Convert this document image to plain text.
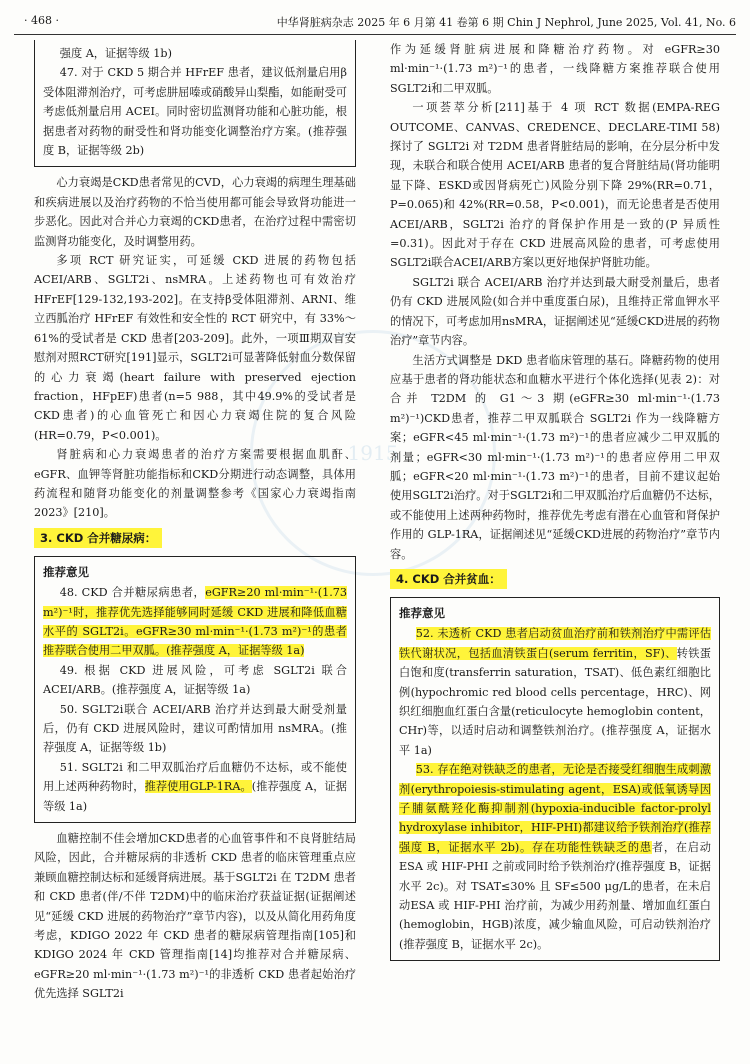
· 468 ·	中华肾脏病杂志 2025 年 6 月第 41 卷第 6 期 Chin J Nephrol, June 2025, Vol. 41, No. 6
1915

强度 A，证据等级 1b)

47. 对于 CKD 5 期合并 HFrEF 患者，建议低剂量启用β受体阻滞剂治疗，可考虑肼屈嗪或硝酸异山梨酯，如能耐受可考虑低剂量启用 ACEI。同时密切监测肾功能和心脏功能，根据患者对药物的耐受性和肾功能变化调整治疗方案。(推荐强度 B，证据等级 2b)

心力衰竭是CKD患者常见的CVD，心力衰竭的病理生理基础和疾病进展以及治疗药物的不恰当使用都可能会导致肾功能进一步恶化。因此对合并心力衰竭的CKD患者，在治疗过程中需密切监测肾功能变化，及时调整用药。

多项 RCT 研究证实，可延缓 CKD 进展的药物包括ACEI/ARB、SGLT2i、nsMRA。上述药物也可有效治疗HFrEF[129-132,193-202]。在支持β受体阻滞剂、ARNI、维立西胍治疗 HFrEF 有效性和安全性的 RCT 研究中，有 33%～61%的受试者是 CKD 患者[203-209]。此外，一项Ⅲ期双盲安慰剂对照RCT研究[191]显示，SGLT2i可显著降低射血分数保留的心力衰竭(heart failure with preserved ejection fraction，HFpEF)患者(n=5 988，其中49.9%的受试者是CKD患者)的心血管死亡和因心力衰竭住院的复合风险(HR=0.79，P<0.001)。

肾脏病和心力衰竭患者的治疗方案需要根据血肌酐、eGFR、血钾等肾脏功能指标和CKD分期进行动态调整，具体用药流程和随肾功能变化的剂量调整参考《国家心力衰竭指南2023》[210]。

3. CKD 合并糖尿病：
推荐意见

48. CKD 合并糖尿病患者，eGFR≥20 ml·min⁻¹·(1.73 m²)⁻¹时，推荐优先选择能够同时延缓 CKD 进展和降低血糖水平的 SGLT2i。eGFR≥30 ml·min⁻¹·(1.73 m²)⁻¹的患者推荐联合使用二甲双胍。(推荐强度 A，证据等级 1a)

49. 根据 CKD 进展风险，可考虑 SGLT2i 联合 ACEI/ARB。(推荐强度 A，证据等级 1a)

50. SGLT2i联合 ACEI/ARB 治疗并达到最大耐受剂量后，仍有 CKD 进展风险时，建议可酌情加用 nsMRA。(推荐强度 A，证据等级 1b)

51. SGLT2i 和二甲双胍治疗后血糖仍不达标，或不能使用上述两种药物时，推荐使用GLP-1RA。(推荐强度 A，证据等级 1a)

血糖控制不佳会增加CKD患者的心血管事件和不良肾脏结局风险，因此，合并糖尿病的非透析 CKD 患者的临床管理重点应兼顾血糖控制达标和延缓肾病进展。基于SGLT2i 在 T2DM 患者和 CKD 患者(伴/不伴 T2DM)中的临床治疗获益证据(证据阐述见“延缓 CKD 进展的药物治疗”章节内容)，以及从简化用药角度考虑，KDIGO 2022 年 CKD 患者的糖尿病管理指南[105]和 KDIGO 2024 年 CKD 管理指南[14]均推荐对合并糖尿病、eGFR≥20 ml·min⁻¹·(1.73 m²)⁻¹的非透析 CKD 患者起始治疗优先选择 SGLT2i

作为延缓肾脏病进展和降糖治疗药物。对 eGFR≥30 ml·min⁻¹·(1.73 m²)⁻¹的患者，一线降糖方案推荐联合使用SGLT2i和二甲双胍。

一项荟萃分析[211]基于 4 项 RCT 数据(EMPA-REG OUTCOME、CANVAS、CREDENCE、DECLARE-TIMI 58)探讨了 SGLT2i 对 T2DM 患者肾脏结局的影响，在分层分析中发现，未联合和联合使用 ACEI/ARB 患者的复合肾脏结局(肾功能明显下降、ESKD或因肾病死亡)风险分别下降 29%(RR=0.71，P=0.065)和 42%(RR=0.58，P<0.001)，而无论患者是否使用 ACEI/ARB，SGLT2i 治疗的肾保护作用是一致的(P 异质性=0.31)。因此对于存在 CKD 进展高风险的患者，可考虑使用SGLT2i联合ACEI/ARB方案以更好地保护肾脏功能。

SGLT2i 联合 ACEI/ARB 治疗并达到最大耐受剂量后，患者仍有 CKD 进展风险(如合并中重度蛋白尿)，且维持正常血钾水平的情况下，可考虑加用nsMRA，证据阐述见“延缓CKD进展的药物治疗”章节内容。

生活方式调整是 DKD 患者临床管理的基石。降糖药物的使用应基于患者的肾功能状态和血糖水平进行个体化选择(见表 2)：对合并 T2DM 的 G1～3 期(eGFR≥30 ml·min⁻¹·(1.73 m²)⁻¹)CKD患者，推荐二甲双胍联合 SGLT2i 作为一线降糖方案；eGFR<45 ml·min⁻¹·(1.73 m²)⁻¹的患者应减少二甲双胍的剂量；eGFR<30 ml·min⁻¹·(1.73 m²)⁻¹的患者应停用二甲双胍；eGFR<20 ml·min⁻¹·(1.73 m²)⁻¹的患者，目前不建议起始使用SGLT2i治疗。对于SGLT2i和二甲双胍治疗后血糖仍不达标，或不能使用上述两种药物时，推荐优先考虑有潜在心血管和肾保护作用的 GLP-1RA，证据阐述见“延缓CKD进展的药物治疗”章节内容。

4. CKD 合并贫血：
推荐意见

52. 未透析 CKD 患者启动贫血治疗前和铁剂治疗中需评估铁代谢状况，包括血清铁蛋白(serum ferritin，SF)、转铁蛋白饱和度(transferrin saturation，TSAT)、低色素红细胞比例(hypochromic red blood cells percentage，HRC)、网织红细胞血红蛋白含量(reticulocyte hemoglobin content，CHr)等，以适时启动和调整铁剂治疗。(推荐强度 A，证据水平 1a)

53. 存在绝对铁缺乏的患者，无论是否接受红细胞生成刺激剂(erythropoiesis-stimulating agent，ESA)或低氧诱导因子脯氨酰羟化酶抑制剂(hypoxia-inducible factor-prolyl hydroxylase inhibitor，HIF-PHI)都建议给予铁剂治疗(推荐强度 B，证据水平 2b)。存在功能性铁缺乏的患者，在启动 ESA 或 HIF-PHI 之前或同时给予铁剂治疗(推荐强度 B，证据水平 2c)。对 TSAT≤30% 且 SF≤500 μg/L的患者，在未启动ESA 或 HIF-PHI 治疗前，为减少用药剂量、增加血红蛋白(hemoglobin，HGB)浓度，减少输血风险，可启动铁剂治疗(推荐强度 B，证据水平 2c)。
